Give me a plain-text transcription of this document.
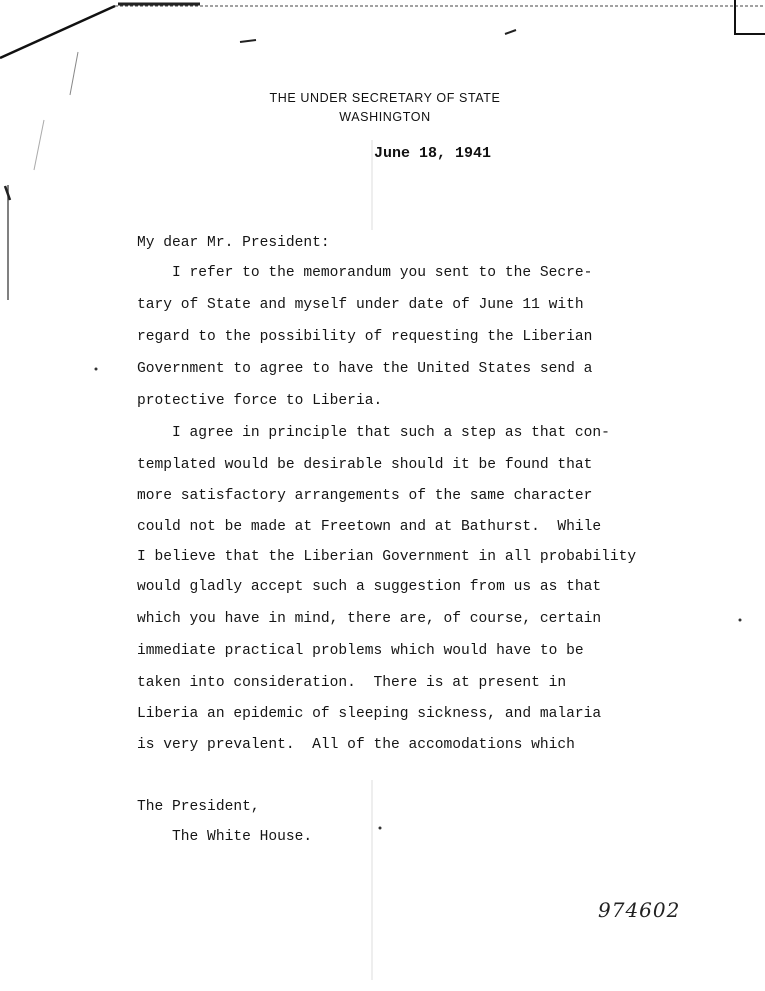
THE UNDER SECRETARY OF STATE
WASHINGTON
June 18, 1941
My dear Mr. President:
I refer to the memorandum you sent to the Secre-
tary of State and myself under date of June 11 with
regard to the possibility of requesting the Liberian
Government to agree to have the United States send a
protective force to Liberia.
I agree in principle that such a step as that con-
templated would be desirable should it be found that
more satisfactory arrangements of the same character
could not be made at Freetown and at Bathurst.  While
I believe that the Liberian Government in all probability
would gladly accept such a suggestion from us as that
which you have in mind, there are, of course, certain
immediate practical problems which would have to be
taken into consideration.  There is at present in
Liberia an epidemic of sleeping sickness, and malaria
is very prevalent.  All of the accomodations which
The President,
The White House.
974602
